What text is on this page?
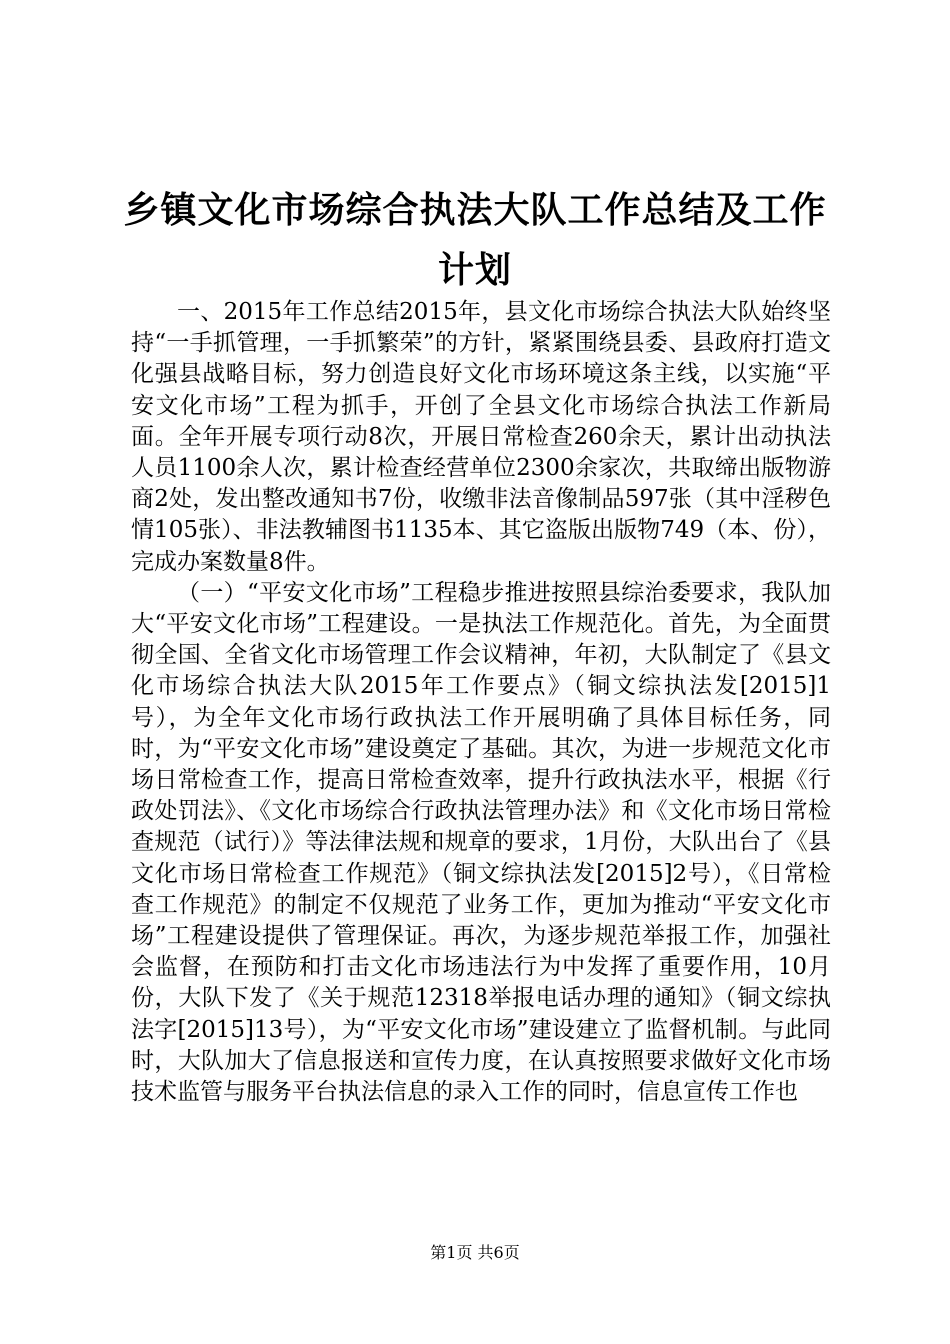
乡镇文化市场综合执法大队工作总结及工作计划

一、2015年工作总结2015年，县文化市场综合执法大队始终坚持“一手抓管理，一手抓繁荣”的方针，紧紧围绕县委、县政府打造文化强县战略目标，努力创造良好文化市场环境这条主线，以实施“平安文化市场”工程为抓手，开创了全县文化市场综合执法工作新局面。全年开展专项行动8次，开展日常检查260余天，累计出动执法人员1100余人次，累计检查经营单位2300余家次，共取缔出版物游商2处，发出整改通知书7份，收缴非法音像制品597张（其中淫秽色情105张）、非法教辅图书1135本、其它盗版出版物749（本、份），完成办案数量8件。

（一）“平安文化市场”工程稳步推进按照县综治委要求，我队加大“平安文化市场”工程建设。一是执法工作规范化。首先，为全面贯彻全国、全省文化市场管理工作会议精神，年初，大队制定了《县文化市场综合执法大队2015年工作要点》（铜文综执法发[2015]1号），为全年文化市场行政执法工作开展明确了具体目标任务，同时，为“平安文化市场”建设奠定了基础。其次，为进一步规范文化市场日常检查工作，提高日常检查效率，提升行政执法水平，根据《行政处罚法》、《文化市场综合行政执法管理办法》和《文化市场日常检查规范（试行）》等法律法规和规章的要求，1月份，大队出台了《县文化市场日常检查工作规范》（铜文综执法发[2015]2号），《日常检查工作规范》的制定不仅规范了业务工作，更加为推动“平安文化市场”工程建设提供了管理保证。再次，为逐步规范举报工作，加强社会监督，在预防和打击文化市场违法行为中发挥了重要作用，10月份，大队下发了《关于规范12318举报电话办理的通知》（铜文综执法字[2015]13号），为“平安文化市场”建设建立了监督机制。与此同时，大队加大了信息报送和宣传力度，在认真按照要求做好文化市场技术监管与服务平台执法信息的录入工作的同时，信息宣传工作也

第1页 共6页
